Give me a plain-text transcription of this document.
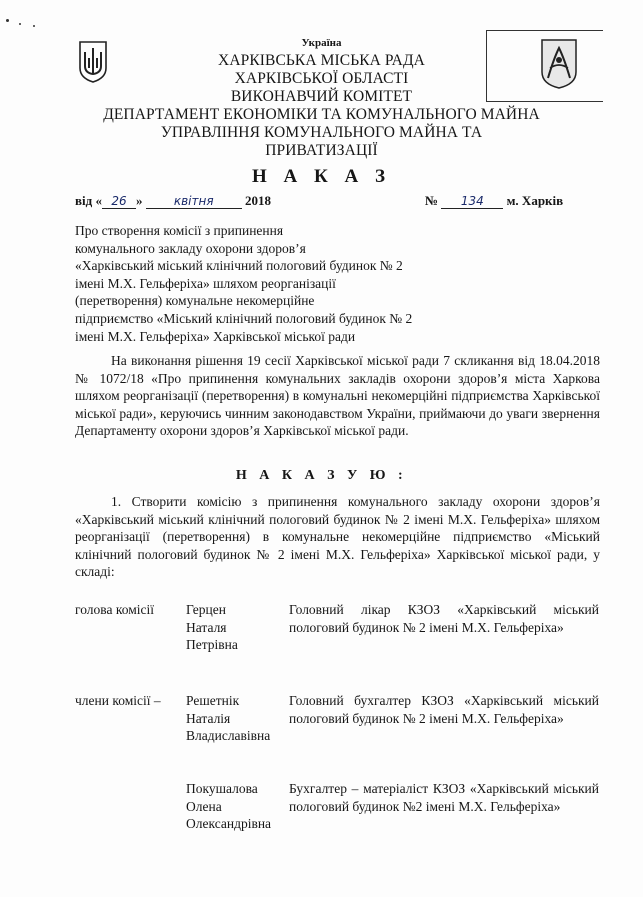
Україна
ХАРКІВСЬКА МІСЬКА РАДА
ХАРКІВСЬКОЇ ОБЛАСТІ
ВИКОНАВЧИЙ КОМІТЕТ
ДЕПАРТАМЕНТ ЕКОНОМІКИ ТА КОМУНАЛЬНОГО МАЙНА
УПРАВЛІННЯ КОМУНАЛЬНОГО МАЙНА ТА
ПРИВАТИЗАЦІЇ
Н А К А З
від « 26 » квітня 2018	№ 134 м. Харків
Про створення комісії з припинення
комунального закладу охорони здоров’я
«Харківський міський клінічний пологовий будинок № 2
імені М.Х. Гельферіха» шляхом реорганізації
(перетворення) комунальне некомерційне
підприємство «Міський клінічний пологовий будинок № 2
імені М.Х. Гельферіха» Харківської міської ради

На виконання рішення 19 сесії Харківської міської ради 7 скликання від 18.04.2018 № 1072/18 «Про припинення комунальних закладів охорони здоров’я міста Харкова шляхом реорганізації (перетворення) в комунальні некомерційні підприємства Харківської міської ради», керуючись чинним законодавством України, приймаючи до уваги звернення Департаменту охорони здоров’я Харківської міської ради.

Н А К А З У Ю :

1. Створити комісію з припинення комунального закладу охорони здоров’я «Харківський міський клінічний пологовий будинок № 2 імені М.Х. Гельферіха» шляхом реорганізації (перетворення) в комунальне некомерційне підприємство «Міський клінічний пологовий будинок № 2 імені М.Х. Гельферіха» Харківської міської ради, у складі:

голова комісії Герцен
Наталя
Петрівна
Головний лікар КЗОЗ «Харківський міський пологовий будинок № 2 імені М.Х. Гельферіха»
члени комісії – Решетнік
Наталія
Владиславівна
Головний бухгалтер КЗОЗ «Харківський міський пологовий будинок № 2 імені М.Х. Гельферіха»
Покушалова
Олена
Олександрівна
Бухгалтер – матеріаліст КЗОЗ «Харківський міський пологовий будинок №2 імені М.Х. Гельферіха»
